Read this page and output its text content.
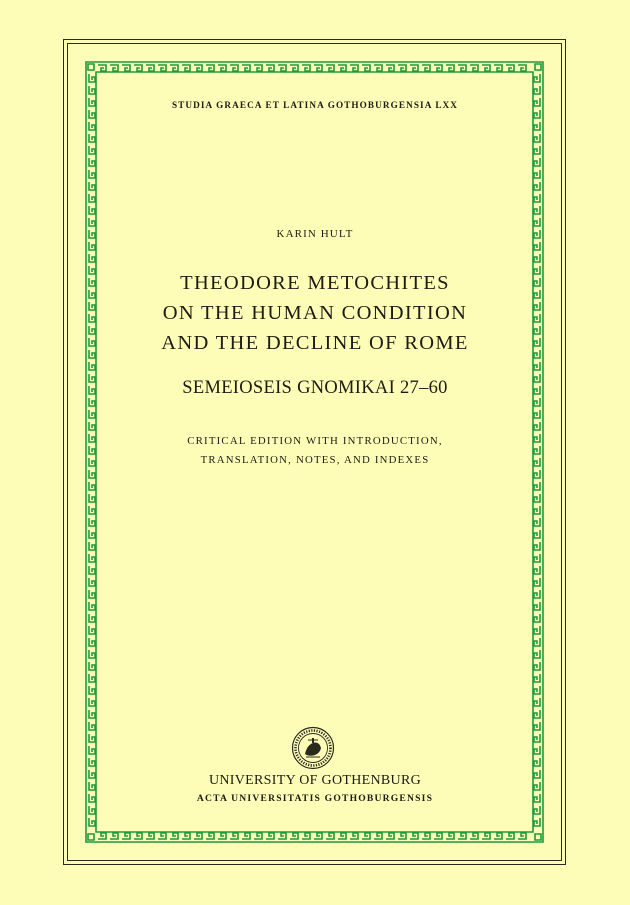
STUDIA GRAECA ET LATINA GOTHOBURGENSIA LXX
KARIN HULT
THEODORE METOCHITES
ON THE HUMAN CONDITION
AND THE DECLINE OF ROME
SEMEIOSEIS GNOMIKAI 27–60
CRITICAL EDITION WITH INTRODUCTION,
TRANSLATION, NOTES, AND INDEXES
UNIVERSITY OF GOTHENBURG
ACTA UNIVERSITATIS GOTHOBURGENSIS
